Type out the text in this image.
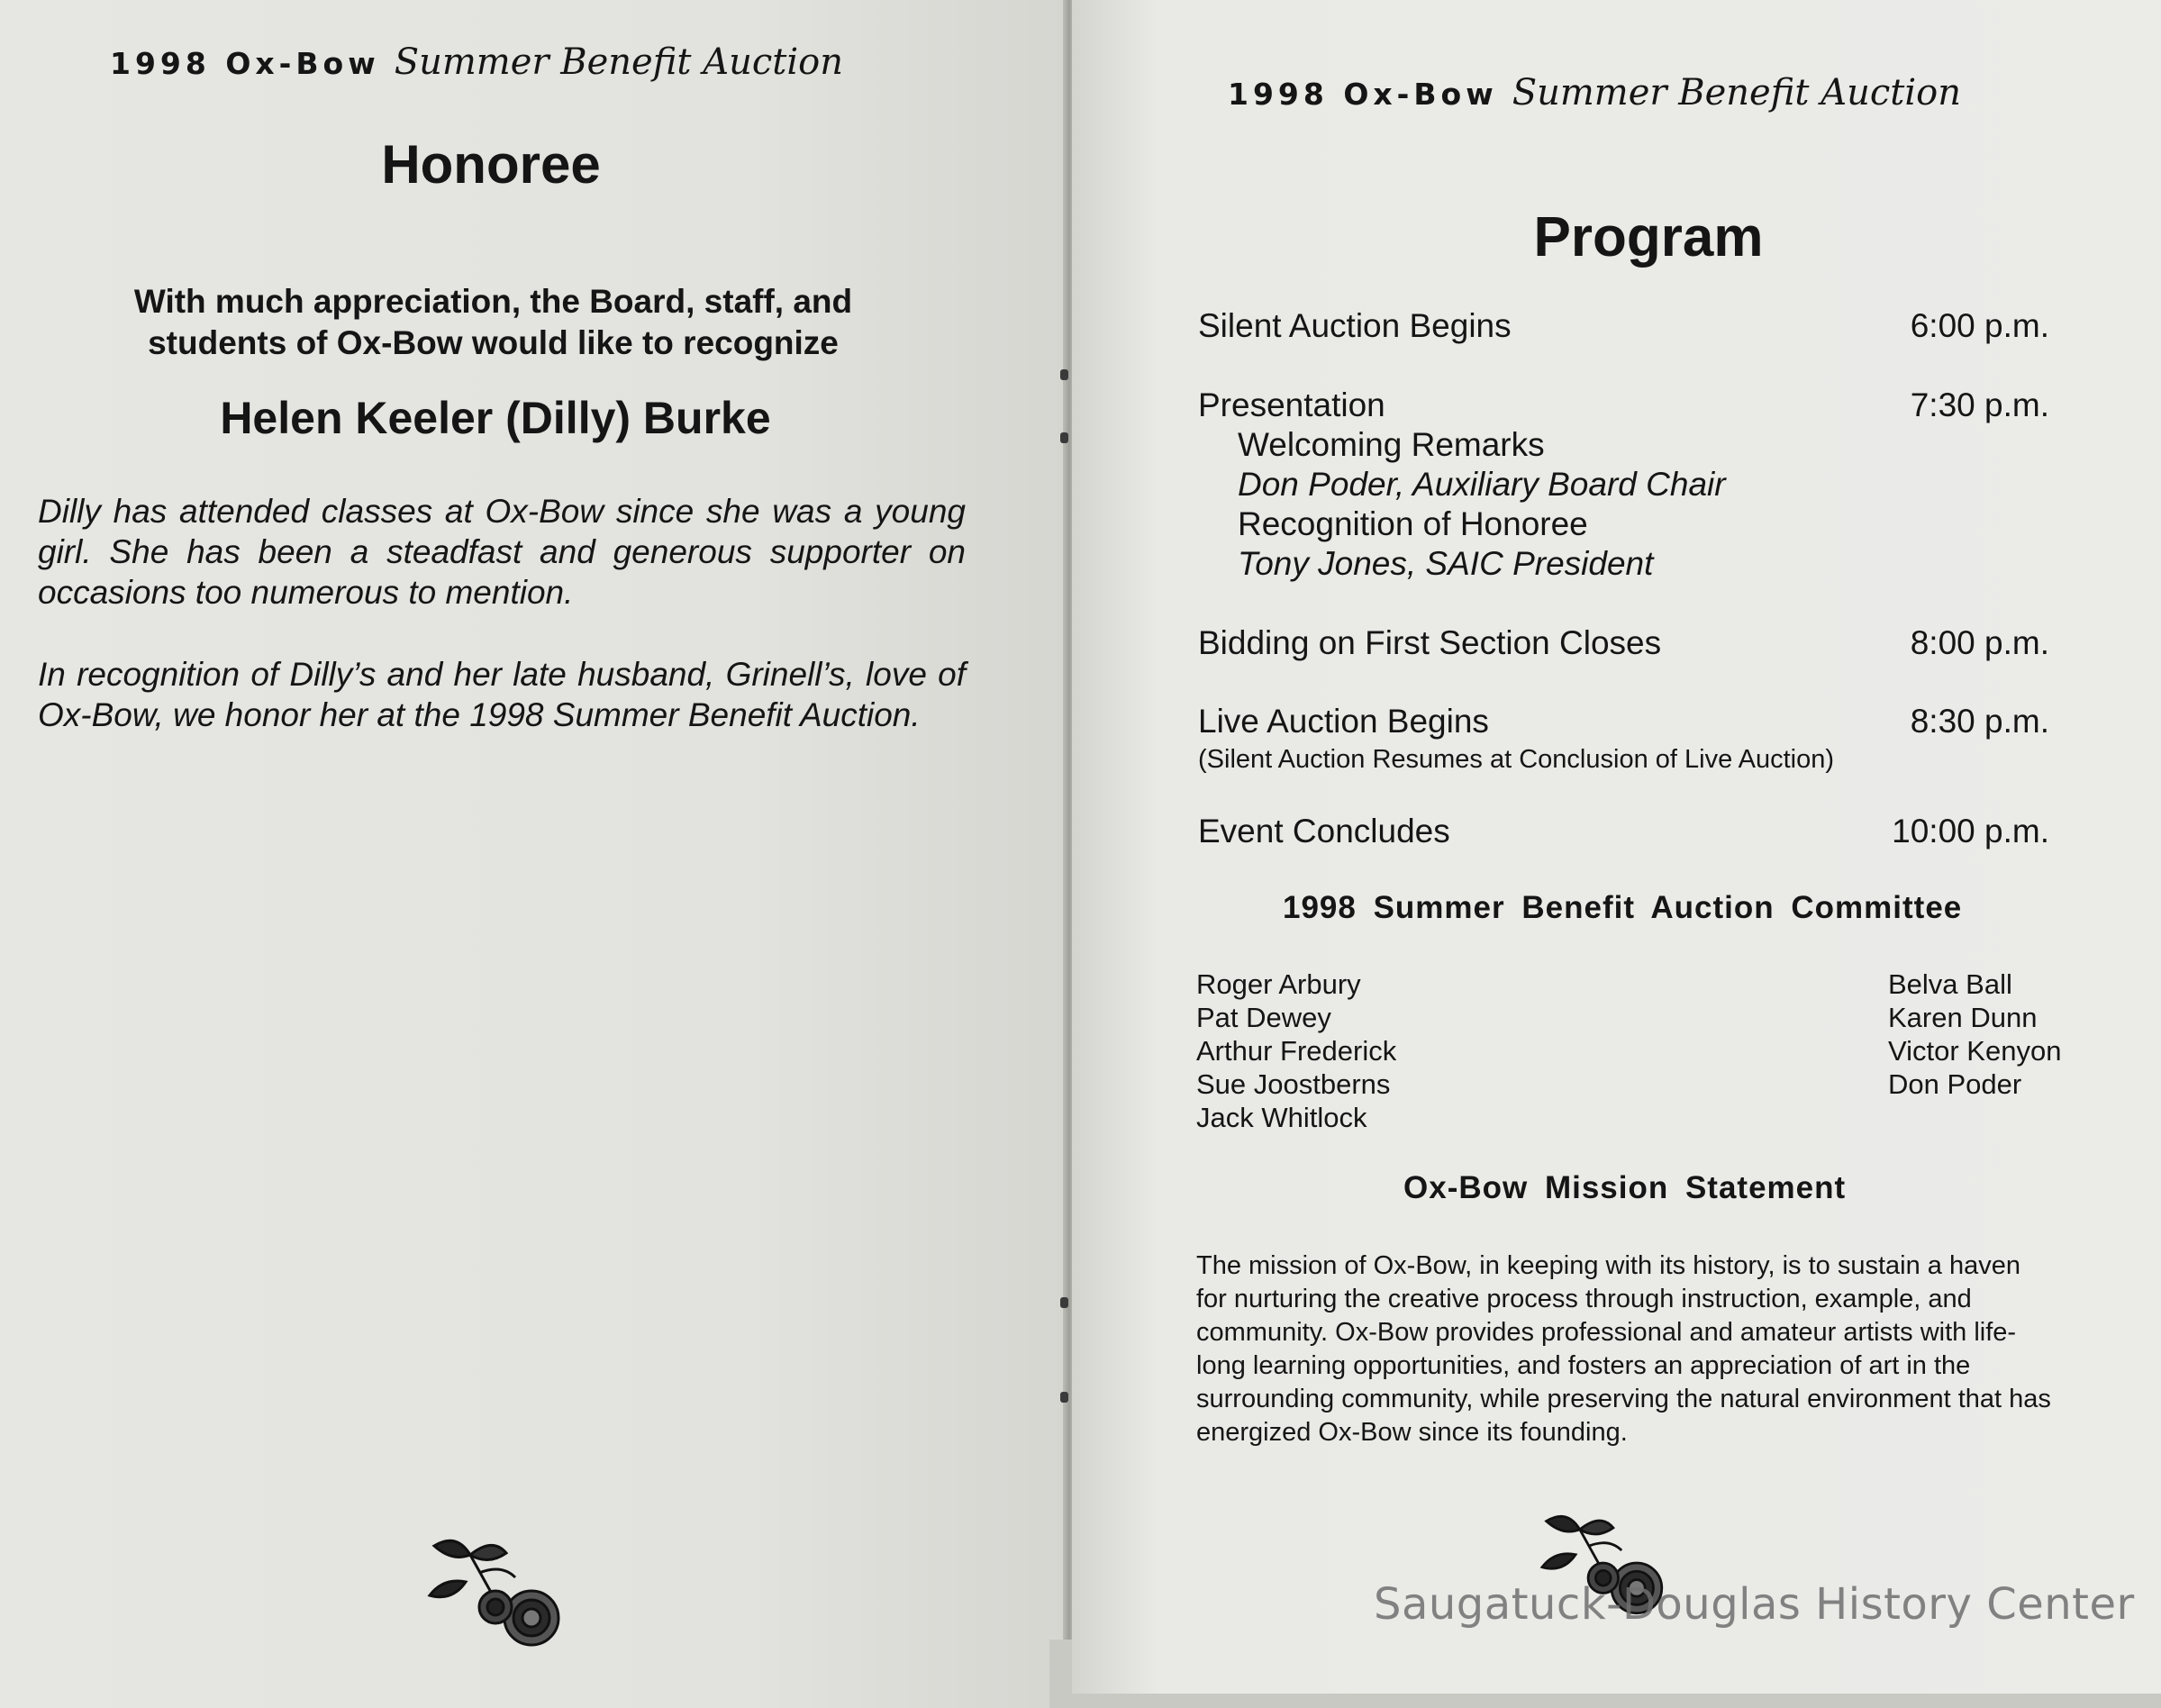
1998 Ox-Bow Summer Benefit Auction
Honoree
With much appreciation, the Board, staff, and students of Ox-Bow would like to recognize
Helen Keeler (Dilly) Burke
Dilly has attended classes at Ox-Bow since she was a young girl. She has been a steadfast and generous supporter on occasions too numerous to mention.
In recognition of Dilly’s and her late husband, Grinell’s, love of Ox-Bow, we honor her at the 1998 Summer Benefit Auction.
1998 Ox-Bow Summer Benefit Auction
Program
Silent Auction Begins	6:00 p.m.
Presentation	7:30 p.m.
Welcoming Remarks
Don Poder, Auxiliary Board Chair
Recognition of Honoree
Tony Jones, SAIC President
Bidding on First Section Closes	8:00 p.m.
Live Auction Begins	8:30 p.m.
(Silent Auction Resumes at Conclusion of Live Auction)
Event Concludes	10:00 p.m.
1998 Summer Benefit Auction Committee
Roger Arbury
Pat Dewey
Arthur Frederick
Sue Joostberns
Jack Whitlock
Belva Ball
Karen Dunn
Victor Kenyon
Don Poder
Ox-Bow Mission Statement
The mission of Ox-Bow, in keeping with its history, is to sustain a haven for nurturing the creative process through instruction, example, and community. Ox-Bow provides professional and amateur artists with life-long learning opportunities, and fosters an appreciation of art in the surrounding community, while preserving the natural environment that has energized Ox-Bow since its founding.
Saugatuck-Douglas History Center
